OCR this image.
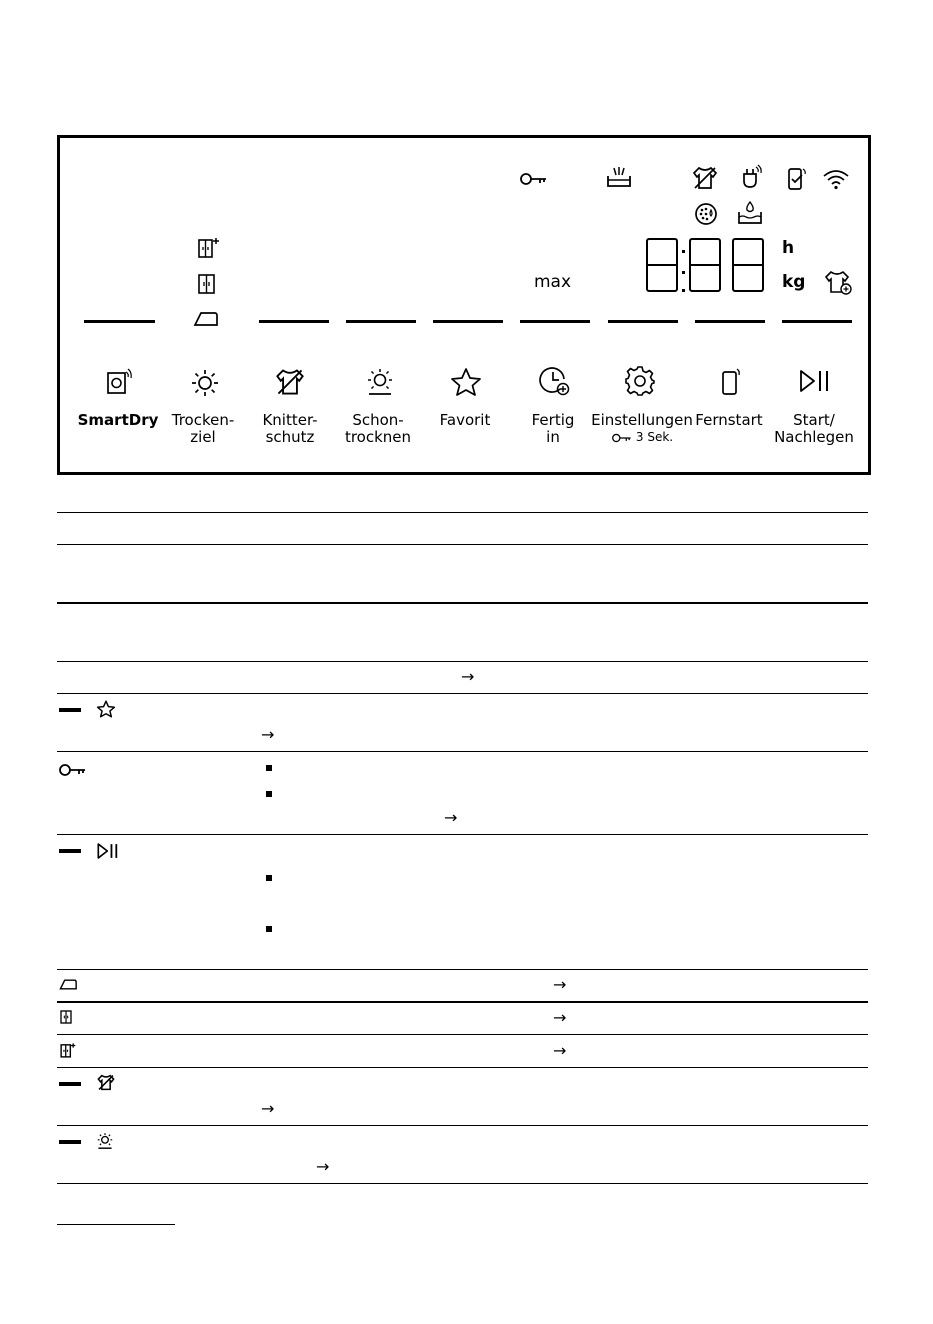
max
h
kg
SmartDry Trocken-
ziel
Knitter-
schutz
Schon-
trocknen
Favorit	Fertig
in
Einstellungen
3 Sek.
Fernstart	Start/
Nachlegen
→
→
→
→
→
→
→
→
